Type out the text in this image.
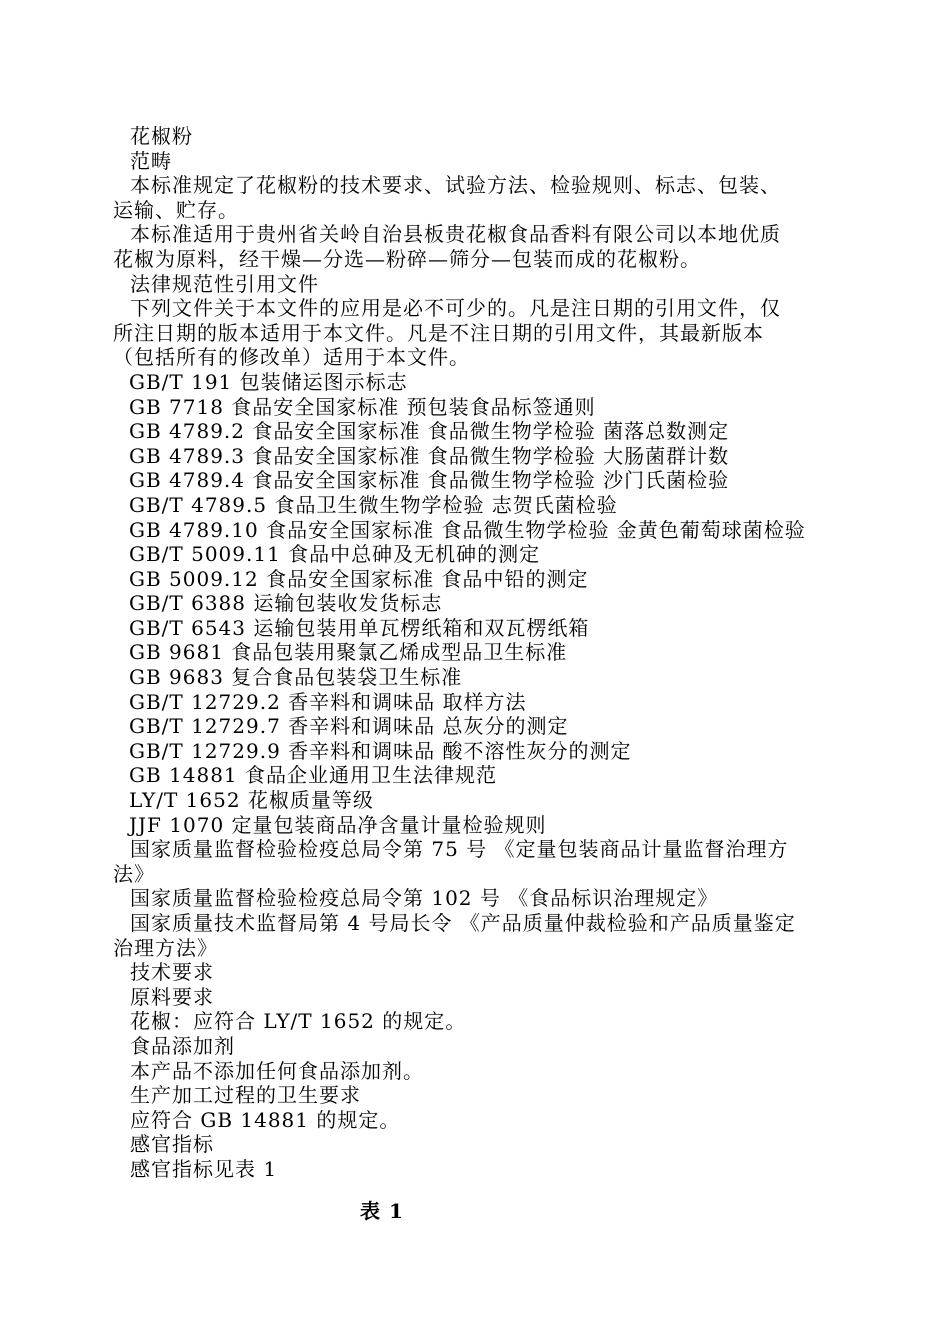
花椒粉
范畴
本标准规定了花椒粉的技术要求、试验方法、检验规则、标志、包装、
运输、贮存。
本标准适用于贵州省关岭自治县板贵花椒食品香料有限公司以本地优质
花椒为原料，经干燥—分选—粉碎—筛分—包装而成的花椒粉。
法律规范性引用文件
下列文件关于本文件的应用是必不可少的。凡是注日期的引用文件，仅
所注日期的版本适用于本文件。凡是不注日期的引用文件，其最新版本
（包括所有的修改单）适用于本文件。
GB/T 191 包装储运图示标志
GB 7718 食品安全国家标准 预包装食品标签通则
GB 4789.2 食品安全国家标准 食品微生物学检验 菌落总数测定
GB 4789.3 食品安全国家标准 食品微生物学检验 大肠菌群计数
GB 4789.4 食品安全国家标准 食品微生物学检验 沙门氏菌检验
GB/T 4789.5 食品卫生微生物学检验 志贺氏菌检验
GB 4789.10 食品安全国家标准 食品微生物学检验 金黄色葡萄球菌检验
GB/T 5009.11 食品中总砷及无机砷的测定
GB 5009.12 食品安全国家标准 食品中铅的测定
GB/T 6388 运输包装收发货标志
GB/T 6543 运输包装用单瓦楞纸箱和双瓦楞纸箱
GB 9681 食品包装用聚氯乙烯成型品卫生标准
GB 9683 复合食品包装袋卫生标准
GB/T 12729.2 香辛料和调味品 取样方法
GB/T 12729.7 香辛料和调味品 总灰分的测定
GB/T 12729.9 香辛料和调味品 酸不溶性灰分的测定
GB 14881 食品企业通用卫生法律规范
LY/T 1652 花椒质量等级
JJF 1070 定量包装商品净含量计量检验规则
国家质量监督检验检疫总局令第 75 号 《定量包装商品计量监督治理方
法》
国家质量监督检验检疫总局令第 102 号 《食品标识治理规定》
国家质量技术监督局第 4 号局长令 《产品质量仲裁检验和产品质量鉴定
治理方法》
技术要求
原料要求
花椒：应符合 LY/T 1652 的规定。
食品添加剂
本产品不添加任何食品添加剂。
生产加工过程的卫生要求
应符合 GB 14881 的规定。
感官指标
感官指标见表 1
表 1
